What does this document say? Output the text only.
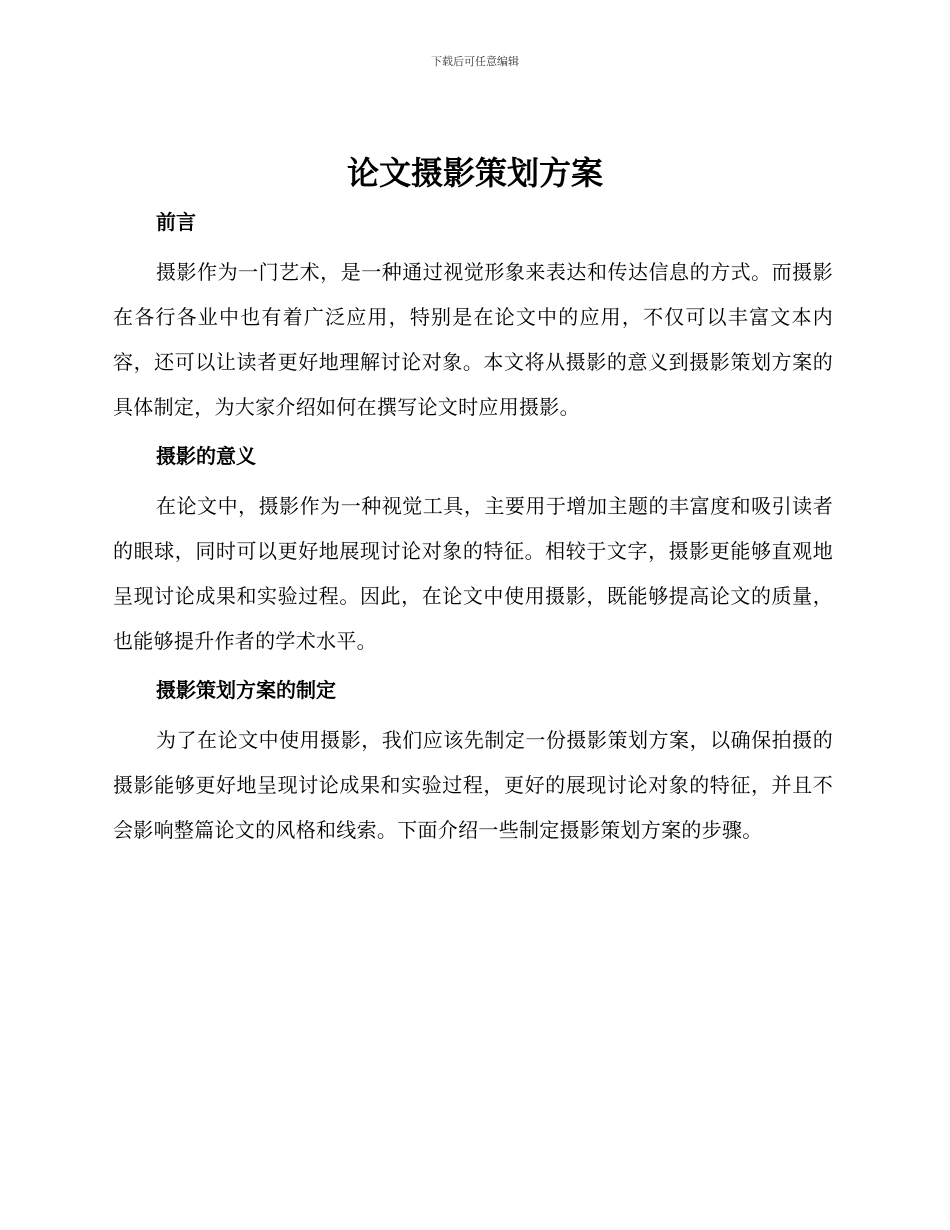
下载后可任意编辑
论文摄影策划方案
前言

摄影作为一门艺术，是一种通过视觉形象来表达和传达信息的方式。而摄影在各行各业中也有着广泛应用，特别是在论文中的应用，不仅可以丰富文本内容，还可以让读者更好地理解讨论对象。本文将从摄影的意义到摄影策划方案的具体制定，为大家介绍如何在撰写论文时应用摄影。

摄影的意义

在论文中，摄影作为一种视觉工具，主要用于增加主题的丰富度和吸引读者的眼球，同时可以更好地展现讨论对象的特征。相较于文字，摄影更能够直观地呈现讨论成果和实验过程。因此，在论文中使用摄影，既能够提高论文的质量，也能够提升作者的学术水平。

摄影策划方案的制定

为了在论文中使用摄影，我们应该先制定一份摄影策划方案，以确保拍摄的摄影能够更好地呈现讨论成果和实验过程，更好的展现讨论对象的特征，并且不会影响整篇论文的风格和线索。下面介绍一些制定摄影策划方案的步骤。
